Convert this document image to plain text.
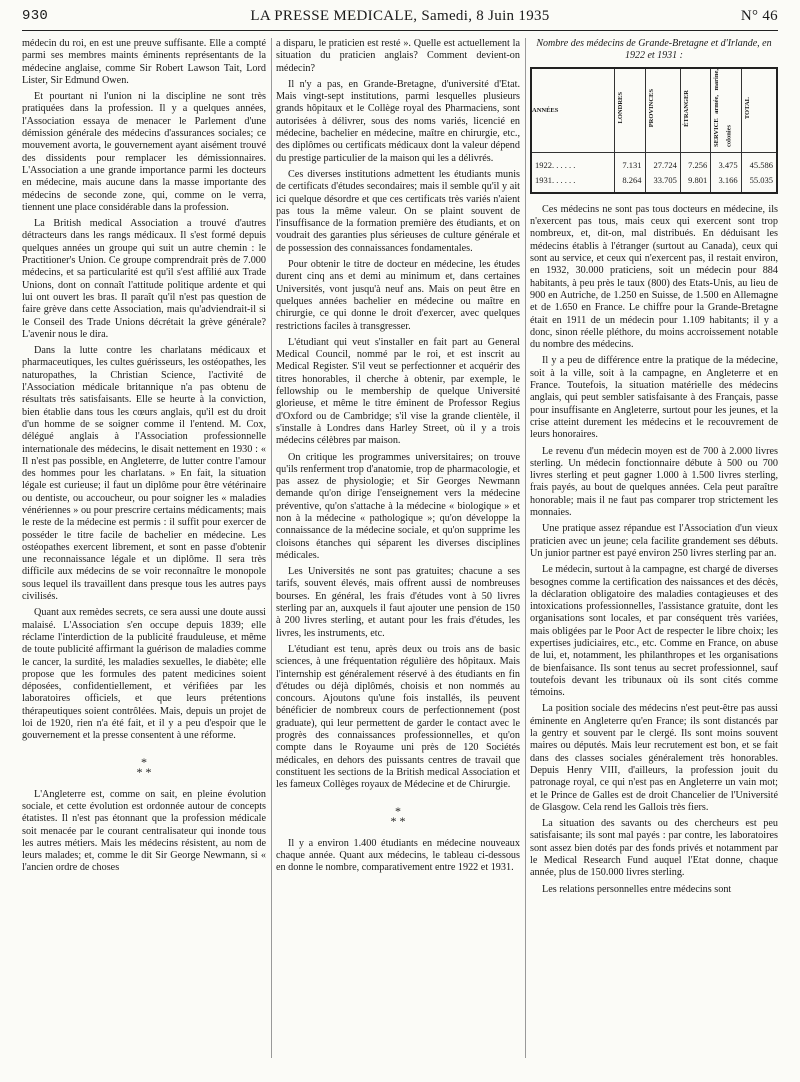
930	LA PRESSE MEDICALE, Samedi, 8 Juin 1935	N° 46

médecin du roi, en est une preuve suffisante. Elle a compté parmi ses membres maints éminents représentants de la médecine anglaise, comme Sir Robert Lawson Tait, Lord Lister, Sir Edmund Owen.

Et pourtant ni l'union ni la discipline ne sont très pratiquées dans la profession. Il y a quelques années, l'Association essaya de menacer le Parlement d'une démission générale des médecins d'assurances sociales; ce mouvement avorta, le gouvernement ayant aisément trouvé des dissidents pour remplacer les démissionnaires. L'Association a une grande importance parmi les docteurs en médecine, mais aucune dans la masse importante des médecins de seconde zone, qui, comme on le verra, tiennent une place considérable dans la profession.

La British medical Association a trouvé d'autres détracteurs dans les rangs médicaux. Il s'est formé depuis quelques années un groupe qui suit un autre chemin : le Practitioner's Union. Ce groupe comprendrait près de 7.000 médecins, et sa particularité est qu'il s'est affilié aux Trade Unions, dont on connaît l'attitude politique ardente et qui lui ont ouvert les bras. Il paraît qu'il n'est pas question de faire grève dans cette Association, mais qu'adviendrait-il si le Conseil des Trade Unions décrétait la grève générale? L'avenir nous le dira.

Dans la lutte contre les charlatans médicaux et pharmaceutiques, les cultes guérisseurs, les ostéopathes, les naturopathes, la Christian Science, l'activité de l'Association médicale britannique n'a pas obtenu de résultats très satisfaisants. Elle se heurte à la conviction, bien établie dans tous les cœurs anglais, qu'il est du droit d'un homme de se soigner comme il l'entend. M. Cox, délégué anglais à l'Association professionnelle internationale des médecins, le disait nettement en 1930 : « Il n'est pas possible, en Angleterre, de lutter contre l'amour des hommes pour les charlatans. » En fait, la situation légale est curieuse; il faut un diplôme pour être vétérinaire ou dentiste, ou accoucheur, ou pour soigner les « maladies vénériennes » ou pour prescrire certains médicaments; mais le reste de la médecine est permis : il suffit pour exercer de posséder le titre facile de bachelier en médecine. Les ostéopathes exercent librement, et sont en passe d'obtenir une reconnaissance légale et un diplôme. Il sera très difficile aux médecins de se voir reconnaître le monopole sous lequel ils travaillent dans presque tous les autres pays civilisés.

Quant aux remèdes secrets, ce sera aussi une doute aussi malaisé. L'Association s'en occupe depuis 1839; elle réclame l'interdiction de la publicité frauduleuse, et même de toute publicité affirmant la guérison de maladies comme le cancer, la surdité, les maladies sexuelles, le diabète; elle propose que les formules des patent medicines soient déposées, confidentiellement, et vérifiées par les laboratoires officiels, et que leurs prétentions thérapeutiques soient contrôlées. Mais, depuis un projet de loi de 1920, rien n'a été fait, et il y a peu d'espoir que le gouvernement et la presse consentent à une réforme.

*
* *

L'Angleterre est, comme on sait, en pleine évolution sociale, et cette évolution est ordonnée autour de concepts étatistes. Il n'est pas étonnant que la profession médicale soit menacée par le courant centralisateur qui inonde tous les autres métiers. Mais les médecins résistent, au nom de leurs malades; et, comme le dit Sir George Newmann, si « l'ancien ordre de choses

a disparu, le praticien est resté ». Quelle est actuellement la situation du praticien anglais? Comment devient-on médecin?

Il n'y a pas, en Grande-Bretagne, d'université d'Etat. Mais vingt-sept institutions, parmi lesquelles plusieurs grands hôpitaux et le Collège royal des Pharmaciens, sont autorisées à délivrer, sous des noms variés, licencié en médecine, bachelier en médecine, maître en chirurgie, etc., des diplômes ou certificats médicaux dont la valeur dépend du prestige particulier de la maison qui les a délivrés.

Ces diverses institutions admettent les étudiants munis de certificats d'études secondaires; mais il semble qu'il y ait ici quelque désordre et que ces certificats très variés n'aient pas tous la même valeur. On se plaint souvent de l'insuffisance de la formation première des étudiants, et on voudrait des garanties plus sérieuses de culture générale et de possession des connaissances fondamentales.

Pour obtenir le titre de docteur en médecine, les études durent cinq ans et demi au minimum et, dans certaines Universités, vont jusqu'à neuf ans. Mais on peut être en quelques années bachelier en médecine ou maître en chirurgie, ce qui donne le droit d'exercer, avec quelques restrictions faciles à transgresser.

L'étudiant qui veut s'installer en fait part au General Medical Council, nommé par le roi, et est inscrit au Medical Register. S'il veut se perfectionner et acquérir des titres honorables, il cherche à obtenir, par exemple, le fellowship ou le membership de quelque Université glorieuse, et même le titre éminent de Professor Regius d'Oxford ou de Cambridge; s'il vise la grande clientèle, il s'installe à Londres dans Harley Street, où il y a trois médecins célèbres par maison.

On critique les programmes universitaires; on trouve qu'ils renferment trop d'anatomie, trop de pharmacologie, et pas assez de physiologie; et Sir Georges Newmann demande qu'on dirige l'enseignement vers la médecine préventive, qu'on s'attache à la médecine « biologique » et non à la médecine « pathologique »; qu'on développe la connaissance de la médecine sociale, et qu'on supprime les cloisons étanches qui séparent les diverses disciplines médicales.

Les Universités ne sont pas gratuites; chacune a ses tarifs, souvent élevés, mais offrent aussi de nombreuses bourses. En général, les frais d'études vont à 50 livres sterling par an, auxquels il faut ajouter une pension de 150 à 200 livres sterling, et autant pour les frais d'études, les livres, les instruments, etc.

L'étudiant est tenu, après deux ou trois ans de basic sciences, à une fréquentation régulière des hôpitaux. Mais l'internship est généralement réservé à des étudiants en fin d'études ou déjà diplômés, choisis et non nommés au concours. Ajoutons qu'une fois installés, ils peuvent bénéficier de nombreux cours de perfectionnement (post graduate), qui leur permettent de garder le contact avec le progrès des connaissances professionnelles, et qu'on compte dans le Royaume uni près de 120 Sociétés médicales, en dehors des puissants centres de travail que constituent les sections de la British medical Association et les fameux Collèges royaux de Médecine et de Chirurgie.

*
* *

Il y a environ 1.400 étudiants en médecine nouveaux chaque année. Quant aux médecins, le tableau ci-dessous en donne le nombre, comparativement entre 1922 et 1931.

Nombre des médecins de Grande-Bretagne et d'Irlande, en 1922 et 1931 :
ANNÉES	LONDRES	PROVINCES	ÉTRANGER	SERVICE armée, marine, colonies	TOTAL
1922. . . . . .	7.131	27.724	7.256	3.475	45.586
1931. . . . . .	8.264	33.705	9.801	3.166	55.035

Ces médecins ne sont pas tous docteurs en médecine, ils n'exercent pas tous, mais ceux qui exercent sont trop nombreux, et, dit-on, mal distribués. En déduisant les médecins établis à l'étranger (surtout au Canada), ceux qui sont au service, et ceux qui n'exercent pas, il restait environ, en 1932, 30.000 praticiens, soit un médecin pour 884 habitants, à peu près le taux (800) des Etats-Unis, au lieu de 900 en Autriche, de 1.250 en Suisse, de 1.500 en Allemagne et de 1.650 en France. Le chiffre pour la Grande-Bretagne était en 1911 de un médecin pour 1.109 habitants; il y a donc, sinon réelle pléthore, du moins accroissement notable du nombre des médecins.

Il y a peu de différence entre la pratique de la médecine, soit à la ville, soit à la campagne, en Angleterre et en France. Toutefois, la situation matérielle des médecins anglais, qui peut sembler satisfaisante à des Français, passe pour insuffisante en Angleterre, surtout pour les jeunes, et la crise atteint durement les médecins et le recouvrement de leurs honoraires.

Le revenu d'un médecin moyen est de 700 à 2.000 livres sterling. Un médecin fonctionnaire débute à 500 ou 700 livres sterling et peut gagner 1.000 à 1.500 livres sterling, frais payés, au bout de quelques années. Cela peut paraître honorable; mais il ne faut pas comparer trop strictement les monnaies.

Une pratique assez répandue est l'Association d'un vieux praticien avec un jeune; cela facilite grandement ses débuts. Un junior partner est payé environ 250 livres sterling par an.

Le médecin, surtout à la campagne, est chargé de diverses besognes comme la certification des naissances et des décès, la déclaration obligatoire des maladies contagieuses et des intoxications professionnelles, l'assistance gratuite, dont les organisations sont locales, et par conséquent très variées, mais obligées par le Poor Act de respecter le libre choix; les expertises judiciaires, etc., etc. Comme en France, on abuse de lui, et, notamment, les philanthropes et les organisations de bienfaisance. Ils sont tenus au secret professionnel, sauf toutefois devant les tribunaux où ils sont cités comme témoins.

La position sociale des médecins n'est peut-être pas aussi éminente en Angleterre qu'en France; ils sont distancés par la gentry et souvent par le clergé. Ils sont moins souvent maires ou députés. Mais leur recrutement est bon, et se fait dans des classes sociales généralement très honorables. Depuis Henry VIII, d'ailleurs, la profession jouit du patronage royal, ce qui n'est pas en Angleterre un vain mot; et le Prince de Galles est de droit Chancelier de l'Université de Glasgow. Cela rend les Gallois très fiers.

La situation des savants ou des chercheurs est peu satisfaisante; ils sont mal payés : par contre, les laboratoires sont assez bien dotés par des fonds privés et notamment par le Medical Research Fund auquel l'Etat donne, chaque année, plus de 150.000 livres sterling.

Les relations personnelles entre médecins sont
